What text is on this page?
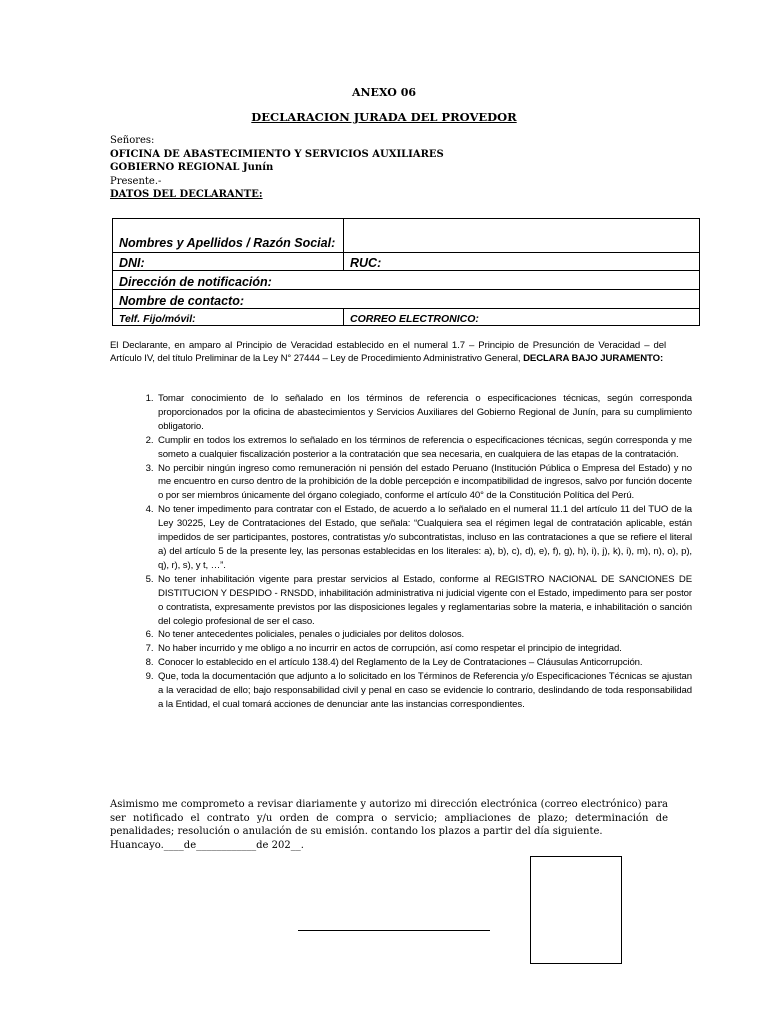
ANEXO 06
DECLARACION JURADA DEL PROVEDOR
Señores:
OFICINA DE ABASTECIMIENTO Y SERVICIOS AUXILIARES
GOBIERNO REGIONAL Junín
Presente.-
DATOS DEL DECLARANTE:
Nombres y Apellidos / Razón Social:	
DNI:	RUC:
Dirección de notificación:	
Nombre de contacto:	
Telf. Fijo/móvil:	CORREO ELECTRONICO:
El Declarante, en amparo al Principio de Veracidad establecido en el numeral 1.7 – Principio de Presunción de Veracidad – del Artículo IV, del título Preliminar de la Ley N° 27444 – Ley de Procedimiento Administrativo General, DECLARA BAJO JURAMENTO:
1. Tomar conocimiento de lo señalado en los términos de referencia o especificaciones técnicas, según corresponda proporcionados por la oficina de abastecimientos y Servicios Auxiliares del Gobierno Regional de Junín, para su cumplimiento obligatorio.
2. Cumplir en todos los extremos lo señalado en los términos de referencia o especificaciones técnicas, según corresponda y me someto a cualquier fiscalización posterior a la contratación que sea necesaria, en cualquiera de las etapas de la contratación.
3. No percibir ningún ingreso como remuneración ni pensión del estado Peruano (Institución Pública o Empresa del Estado) y no me encuentro en curso dentro de la prohibición de la doble percepción e incompatibilidad de ingresos, salvo por función docente o por ser miembros únicamente del órgano colegiado, conforme el artículo 40° de la Constitución Política del Perú.
4. No tener impedimento para contratar con el Estado, de acuerdo a lo señalado en el numeral 11.1 del artículo 11 del TUO de la Ley 30225, Ley de Contrataciones del Estado, que señala: “Cualquiera sea el régimen legal de contratación aplicable, están impedidos de ser participantes, postores, contratistas y/o subcontratistas, incluso en las contrataciones a que se refiere el literal a) del artículo 5 de la presente ley, las personas establecidas en los literales: a), b), c), d), e), f), g), h), i), j), k), i), m), n), o), p), q), r), s), y t, …”.
5. No tener inhabilitación vigente para prestar servicios al Estado, conforme al REGISTRO NACIONAL DE SANCIONES DE DISTITUCION Y DESPIDO - RNSDD, inhabilitación administrativa ni judicial vigente con el Estado, impedimento para ser postor o contratista, expresamente previstos por las disposiciones legales y reglamentarias sobre la materia, e inhabilitación o sanción del colegio profesional de ser el caso.
6. No tener antecedentes policiales, penales o judiciales por delitos dolosos.
7. No haber incurrido y me obligo a no incurrir en actos de corrupción, así como respetar el principio de integridad.
8. Conocer lo establecido en el artículo 138.4) del Reglamento de la Ley de Contrataciones – Cláusulas Anticorrupción.
9. Que, toda la documentación que adjunto a lo solicitado en los Términos de Referencia y/o Especificaciones Técnicas se ajustan a la veracidad de ello; bajo responsabilidad civil y penal en caso se evidencie lo contrario, deslindando de toda responsabilidad a la Entidad, el cual tomará acciones de denunciar ante las instancias correspondientes.
Asimismo me comprometo a revisar diariamente y autorizo mi dirección electrónica (correo electrónico) para ser notificado el contrato y/u orden de compra o servicio; ampliaciones de plazo; determinación de penalidades; resolución o anulación de su emisión. contando los plazos a partir del día siguiente.
Huancayo.____de____________de 202__.
